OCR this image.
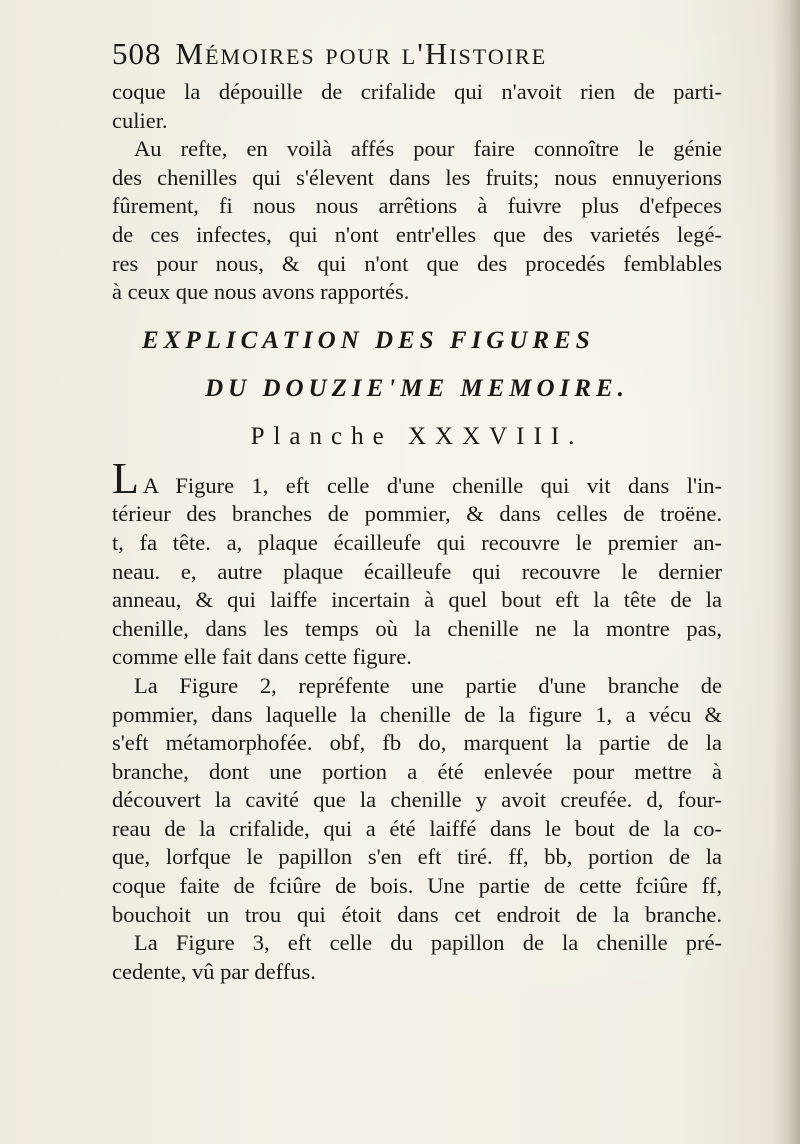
508 Mémoires pour l'Histoire
coque la dépouille de crifalide qui n'avoit rien de parti-
culier.
Au refte, en voilà affés pour faire connoître le génie
des chenilles qui s'élevent dans les fruits; nous ennuyerions
fûrement, fi nous nous arrêtions à fuivre plus d'efpeces
de ces infectes, qui n'ont entr'elles que des varietés legé-
res pour nous, & qui n'ont que des procedés femblables
à ceux que nous avons rapportés.
EXPLICATION DES FIGURES
DU DOUZIE'ME MEMOIRE.
Planche XXXVIII.
L A Figure 1, eft celle d'une chenille qui vit dans l'in-
térieur des branches de pommier, & dans celles de troëne.
t, fa tête. a, plaque écailleufe qui recouvre le premier an-
neau. e, autre plaque écailleufe qui recouvre le dernier
anneau, & qui laiffe incertain à quel bout eft la tête de la
chenille, dans les temps où la chenille ne la montre pas,
comme elle fait dans cette figure.
La Figure 2, repréfente une partie d'une branche de
pommier, dans laquelle la chenille de la figure 1, a vécu &
s'eft métamorphofée. obf, fb do, marquent la partie de la
branche, dont une portion a été enlevée pour mettre à
découvert la cavité que la chenille y avoit creufée. d, four-
reau de la crifalide, qui a été laiffé dans le bout de la co-
que, lorfque le papillon s'en eft tiré. ff, bb, portion de la
coque faite de fciûre de bois. Une partie de cette fciûre ff,
bouchoit un trou qui étoit dans cet endroit de la branche.
La Figure 3, eft celle du papillon de la chenille pré-
cedente, vû par deffus.
